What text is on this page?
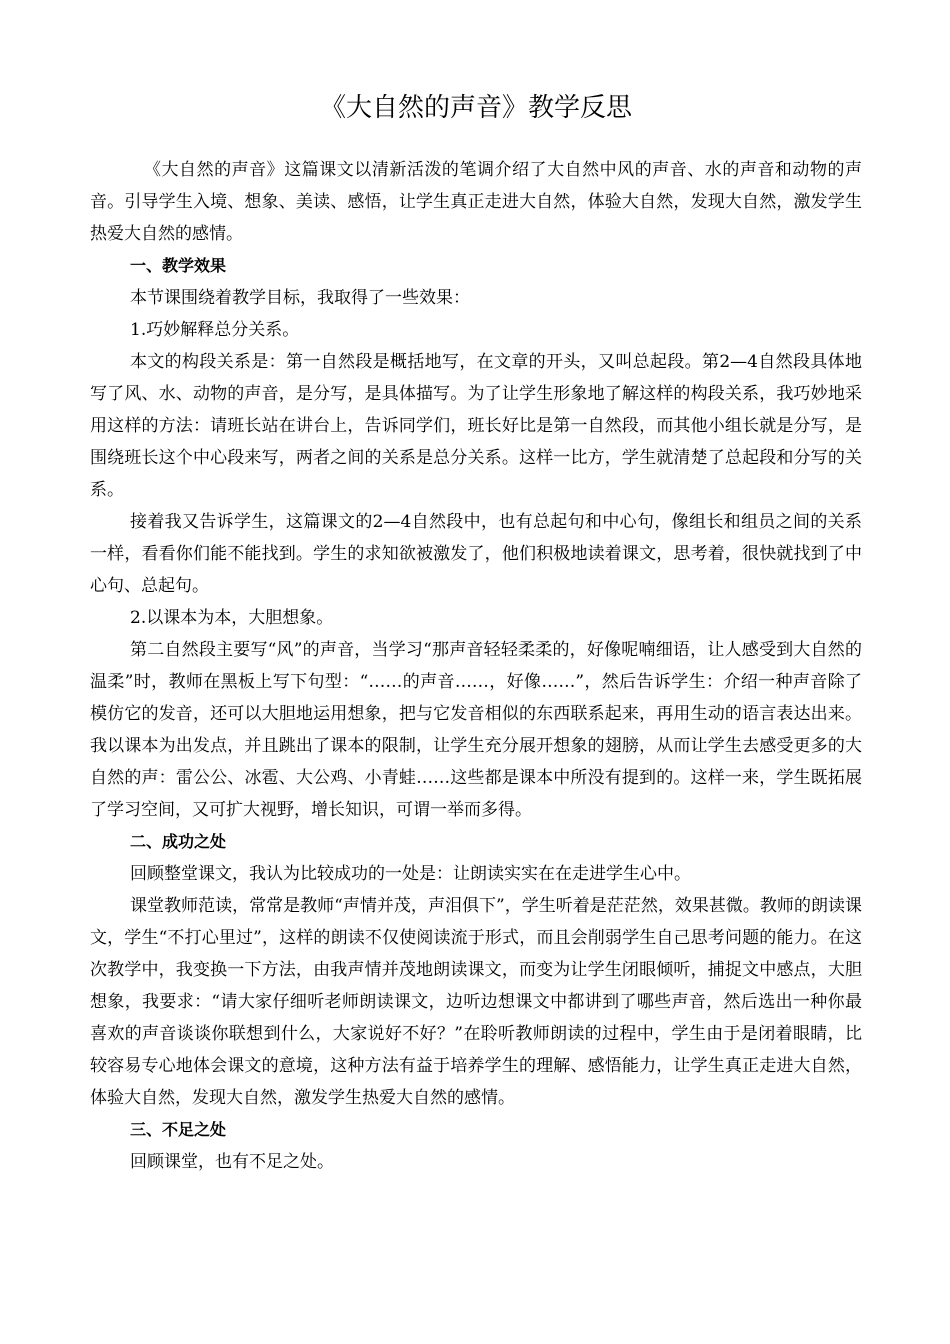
《大自然的声音》教学反思

《大自然的声音》这篇课文以清新活泼的笔调介绍了大自然中风的声音、水的声音和动物的声音。引导学生入境、想象、美读、感悟，让学生真正走进大自然，体验大自然，发现大自然，激发学生热爱大自然的感情。

一、教学效果

本节课围绕着教学目标，我取得了一些效果：

1.巧妙解释总分关系。

本文的构段关系是：第一自然段是概括地写，在文章的开头，又叫总起段。第2—4自然段具体地写了风、水、动物的声音，是分写，是具体描写。为了让学生形象地了解这样的构段关系，我巧妙地采用这样的方法：请班长站在讲台上，告诉同学们，班长好比是第一自然段，而其他小组长就是分写，是围绕班长这个中心段来写，两者之间的关系是总分关系。这样一比方，学生就清楚了总起段和分写的关系。

接着我又告诉学生，这篇课文的2—4自然段中，也有总起句和中心句，像组长和组员之间的关系一样，看看你们能不能找到。学生的求知欲被激发了，他们积极地读着课文，思考着，很快就找到了中心句、总起句。

2.以课本为本，大胆想象。

第二自然段主要写“风”的声音，当学习“那声音轻轻柔柔的，好像呢喃细语，让人感受到大自然的温柔”时，教师在黑板上写下句型：“……的声音……，好像……”，然后告诉学生：介绍一种声音除了模仿它的发音，还可以大胆地运用想象，把与它发音相似的东西联系起来，再用生动的语言表达出来。我以课本为出发点，并且跳出了课本的限制，让学生充分展开想象的翅膀，从而让学生去感受更多的大自然的声：雷公公、冰雹、大公鸡、小青蛙……这些都是课本中所没有提到的。这样一来，学生既拓展了学习空间，又可扩大视野，增长知识，可谓一举而多得。

二、成功之处

回顾整堂课文，我认为比较成功的一处是：让朗读实实在在走进学生心中。

课堂教师范读，常常是教师“声情并茂，声泪俱下”，学生听着是茫茫然，效果甚微。教师的朗读课文，学生“不打心里过”，这样的朗读不仅使阅读流于形式，而且会削弱学生自己思考问题的能力。在这次教学中，我变换一下方法，由我声情并茂地朗读课文，而变为让学生闭眼倾听，捕捉文中感点，大胆想象，我要求：“请大家仔细听老师朗读课文，边听边想课文中都讲到了哪些声音，然后选出一种你最喜欢的声音谈谈你联想到什么，大家说好不好？”在聆听教师朗读的过程中，学生由于是闭着眼睛，比较容易专心地体会课文的意境，这种方法有益于培养学生的理解、感悟能力，让学生真正走进大自然，体验大自然，发现大自然，激发学生热爱大自然的感情。

三、不足之处

回顾课堂，也有不足之处。
